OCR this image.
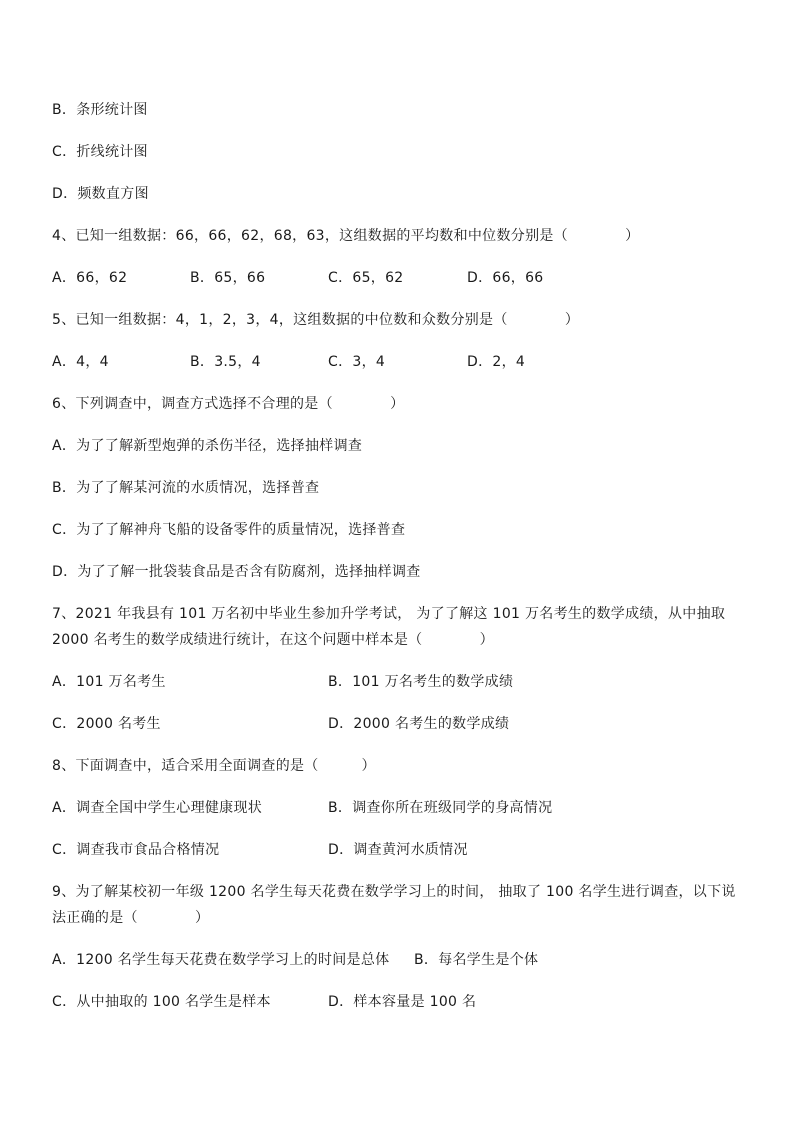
B．条形统计图
C．折线统计图
D．频数直方图
4、已知一组数据：66，66，62，68，63，这组数据的平均数和中位数分别是（　　　　）
A．66，62	B．65，66	C．65，62	D．66，66
5、已知一组数据：4，1，2，3，4，这组数据的中位数和众数分别是（　　　　）
A．4，4	B．3.5，4	C．3，4	D．2，4
6、下列调查中，调查方式选择不合理的是（　　　　）
A．为了了解新型炮弹的杀伤半径，选择抽样调查
B．为了了解某河流的水质情况，选择普查
C．为了了解神舟飞船的设备零件的质量情况，选择普查
D．为了了解一批袋装食品是否含有防腐剂，选择抽样调查
7、2021 年我县有 101 万名初中毕业生参加升学考试， 为了了解这 101 万名考生的数学成绩，从中抽取 2000 名考生的数学成绩进行统计，在这个问题中样本是（　　　　）
A．101 万名考生	B．101 万名考生的数学成绩
C．2000 名考生	D．2000 名考生的数学成绩
8、下面调查中，适合采用全面调查的是（　　　）
A．调查全国中学生心理健康现状	B．调查你所在班级同学的身高情况
C．调查我市食品合格情况	D．调查黄河水质情况
9、为了解某校初一年级 1200 名学生每天花费在数学学习上的时间， 抽取了 100 名学生进行调查，以下说法正确的是（　　　　）
A．1200 名学生每天花费在数学学习上的时间是总体 B．每名学生是个体
C．从中抽取的 100 名学生是样本	D．样本容量是 100 名
